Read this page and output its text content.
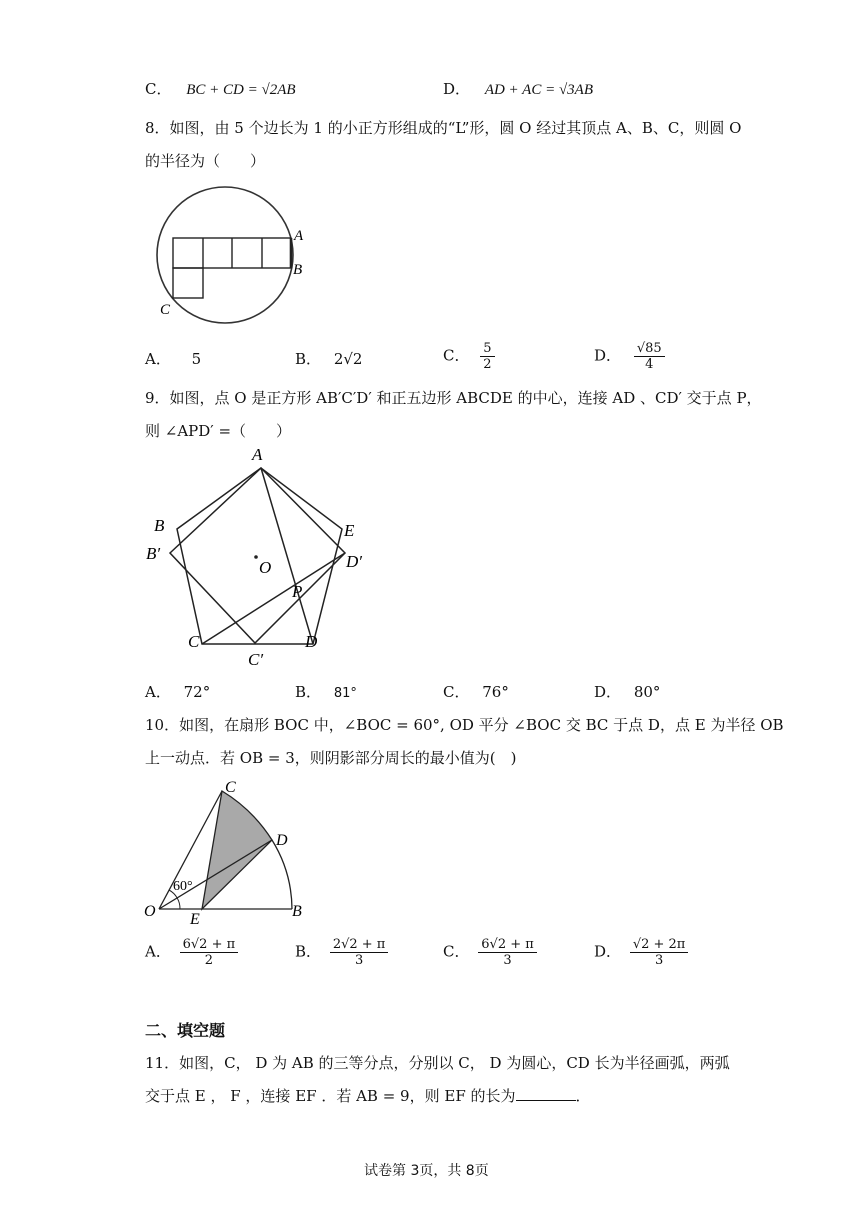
C． BC + CD = √2AB	D． AD + AC = √3AB
8．如图，由 5 个边长为 1 的小正方形组成的“L”形，圆 O 经过其顶点 A、B、C，则圆 O
的半径为（　　）
A
B
C
A． 5	B． 2√2	C． $\frac{5}{2}$	D． $\frac{√85}{4}$
9．如图，点 O 是正方形 AB′C′D′ 和正五边形 ABCDE 的中心，连接 AD 、CD′ 交于点 P，
则 ∠APD′ =（　　）
A
B
B′
C
C′
D
D′
E
O
P
A． 72°	B． 81°	C． 76°	D． 80°
10．如图，在扇形 BOC 中，∠BOC = 60°, OD 平分 ∠BOC 交 BC 于点 D，点 E 为半径 OB
上一动点．若 OB = 3，则阴影部分周长的最小值为(　)
C
D
O	B
E
60°
A． $\frac{6√2 + \pi}{2}$	B． $\frac{2√2 + \pi}{3}$	C． $\frac{6√2 + \pi}{3}$	D． $\frac{√2 + 2\pi}{3}$
二、填空题
11．如图，C， D 为 AB 的三等分点，分别以 C， D 为圆心，CD 长为半径画弧，两弧
交于点 E ， F ，连接 EF ．若 AB = 9，则 EF 的长为	．
试卷第 3页，共 8页
